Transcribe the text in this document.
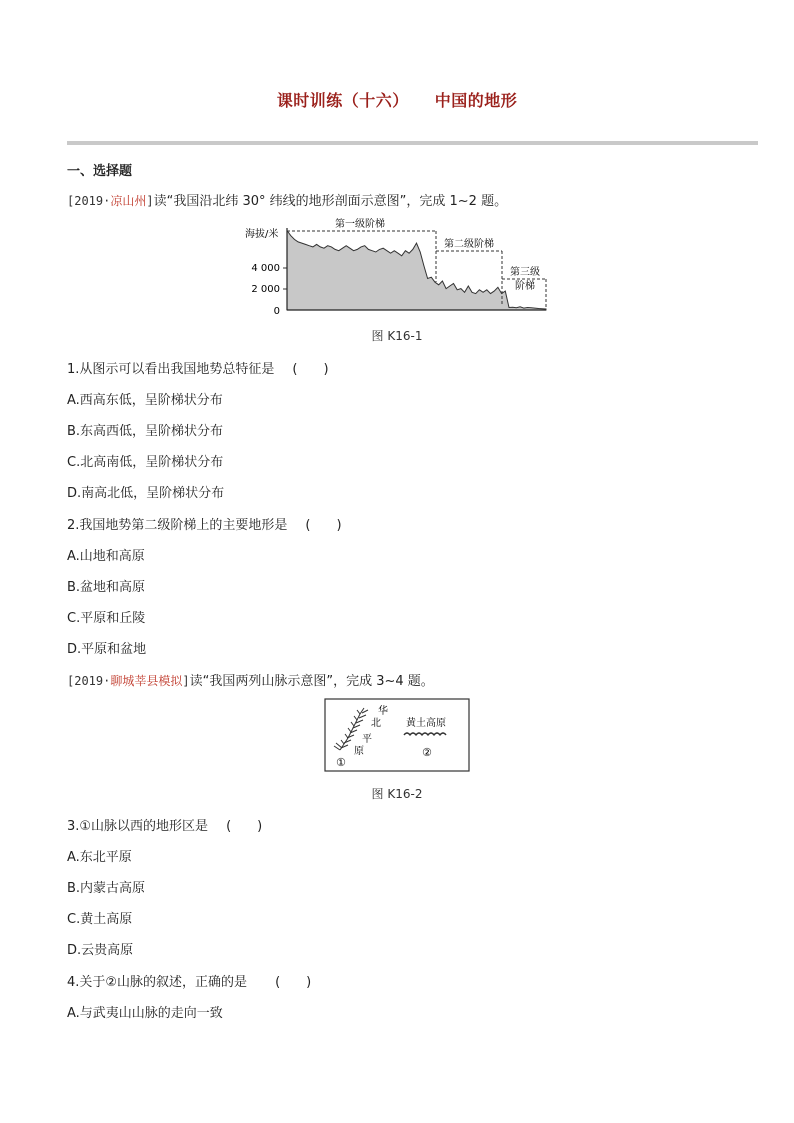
课时训练（十六） 中国的地形
一、选择题
[2019·凉山州]读“我国沿北纬 30° 纬线的地形剖面示意图”，完成 1~2 题。
海拔/米
4 000
2 000
0
第一级阶梯
第二级阶梯
第三级
阶梯
图 K16-1
1.从图示可以看出我国地势总特征是 (　　)
A.西高东低，呈阶梯状分布
B.东高西低，呈阶梯状分布
C.北高南低，呈阶梯状分布
D.南高北低，呈阶梯状分布
2.我国地势第二级阶梯上的主要地形是 (　　)
A.山地和高原
B.盆地和高原
C.平原和丘陵
D.平原和盆地
[2019·聊城莘县模拟]读“我国两列山脉示意图”，完成 3~4 题。
华
北
平
原
①
黄土高原
②
图 K16-2
3.①山脉以西的地形区是 (　　)
A.东北平原
B.内蒙古高原
C.黄土高原
D.云贵高原
4.关于②山脉的叙述，正确的是 (　　)
A.与武夷山山脉的走向一致
